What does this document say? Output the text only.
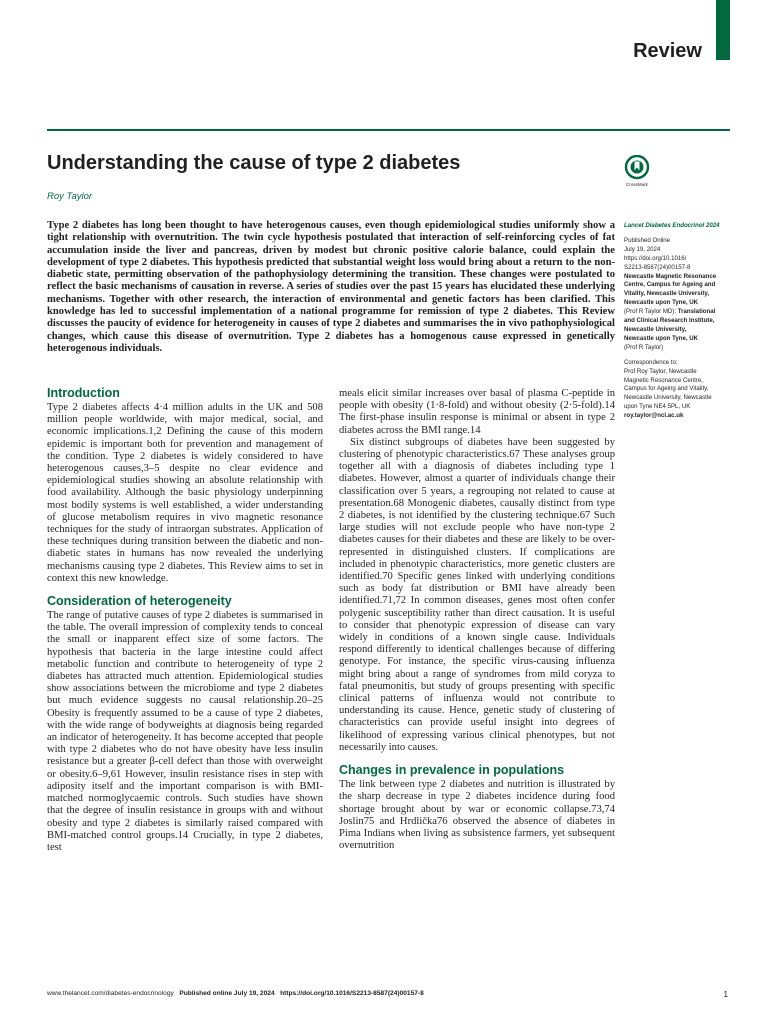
Review
Understanding the cause of type 2 diabetes
Roy Taylor
CrossMark

Type 2 diabetes has long been thought to have heterogenous causes, even though epidemiological studies uniformly show a tight relationship with overnutrition. The twin cycle hypothesis postulated that interaction of self-reinforcing cycles of fat accumulation inside the liver and pancreas, driven by modest but chronic positive calorie balance, could explain the development of type 2 diabetes. This hypothesis predicted that substantial weight loss would bring about a return to the non-diabetic state, permitting observation of the pathophysiology determining the transition. These changes were postulated to reflect the basic mechanisms of causation in reverse. A series of studies over the past 15 years has elucidated these underlying mechanisms. Together with other research, the interaction of environmental and genetic factors has been clarified. This knowledge has led to successful implementation of a national programme for remission of type 2 diabetes. This Review discusses the paucity of evidence for heterogeneity in causes of type 2 diabetes and summarises the in vivo pathophysiological changes, which cause this disease of overnutrition. Type 2 diabetes has a homogenous cause expressed in genetically heterogenous individuals.

Lancet Diabetes Endocrinol 2024
Published Online
July 19, 2024
https://doi.org/10.1016/
S2213-8587(24)00157-8
Newcastle Magnetic Resonance
Centre, Campus for Ageing and
Vitality, Newcastle University,
Newcastle upon Tyne, UK
(Prof R Taylor MD); Translational
and Clinical Research Institute,
Newcastle University,
Newcastle upon Tyne, UK
(Prof R Taylor)
Correspondence to:
Prof Roy Taylor, Newcastle
Magnetic Resonance Centre,
Campus for Ageing and Vitality,
Newcastle University, Newcastle
upon Tyne NE4 5PL, UK
roy.taylor@ncl.ac.uk
Introduction

Type 2 diabetes affects 4·4 million adults in the UK and 508 million people worldwide, with major medical, social, and economic implications.1,2 Defining the cause of this modern epidemic is important both for prevention and management of the condition. Type 2 diabetes is widely considered to have heterogenous causes,3–5 despite no clear evidence and epidemiological studies showing an absolute relationship with food availability. Although the basic physiology underpinning most bodily systems is well established, a wider understanding of glucose metabolism requires in vivo magnetic resonance techniques for the study of intraorgan substrates. Application of these techniques during transition between the diabetic and non-diabetic states in humans has now revealed the underlying mechanisms causing type 2 diabetes. This Review aims to set in context this new knowledge.

Consideration of heterogeneity

The range of putative causes of type 2 diabetes is summarised in the table. The overall impression of complexity tends to conceal the small or inapparent effect size of some factors. The hypothesis that bacteria in the large intestine could affect metabolic function and contribute to heterogeneity of type 2 diabetes has attracted much attention. Epidemiological studies show associations between the microbiome and type 2 diabetes but much evidence suggests no causal relationship.20–25 Obesity is frequently assumed to be a cause of type 2 diabetes, with the wide range of bodyweights at diagnosis being regarded an indicator of heterogeneity. It has become accepted that people with type 2 diabetes who do not have obesity have less insulin resistance but a greater β-cell defect than those with overweight or obesity.6–9,61 However, insulin resistance rises in step with adiposity itself and the important comparison is with BMI-matched normoglycaemic controls. Such studies have shown that the degree of insulin resistance in groups with and without obesity and type 2 diabetes is similarly raised compared with BMI-matched control groups.14 Crucially, in type 2 diabetes, test

meals elicit similar increases over basal of plasma C-peptide in people with obesity (1·8-fold) and without obesity (2·5-fold).14 The first-phase insulin response is minimal or absent in type 2 diabetes across the BMI range.14

Six distinct subgroups of diabetes have been suggested by clustering of phenotypic characteristics.67 These analyses group together all with a diagnosis of diabetes including type 1 diabetes. However, almost a quarter of individuals change their classification over 5 years, a regrouping not related to cause at presentation.68 Monogenic diabetes, causally distinct from type 2 diabetes, is not identified by the clustering technique.67 Such large studies will not exclude people who have non-type 2 diabetes causes for their diabetes and these are likely to be over-represented in distinguished clusters. If complications are included in phenotypic characteristics, more genetic clusters are identified.70 Specific genes linked with underlying conditions such as body fat distribution or BMI have already been identified.71,72 In common diseases, genes most often confer polygenic susceptibility rather than direct causation. It is useful to consider that phenotypic expression of disease can vary widely in conditions of a known single cause. Individuals respond differently to identical challenges because of differing genotype. For instance, the specific virus-causing influenza might bring about a range of syndromes from mild coryza to fatal pneumonitis, but study of groups presenting with specific clinical patterns of influenza would not contribute to understanding its cause. Hence, genetic study of clustering of characteristics can provide useful insight into degrees of likelihood of expressing various clinical phenotypes, but not necessarily into causes.

Changes in prevalence in populations

The link between type 2 diabetes and nutrition is illustrated by the sharp decrease in type 2 diabetes incidence during food shortage brought about by war or economic collapse.73,74 Joslin75 and Hrdlička76 observed the absence of diabetes in Pima Indians when living as subsistence farmers, yet subsequent overnutrition

www.thelancet.com/diabetes-endocrinology Published online July 19, 2024 https://doi.org/10.1016/S2213-8587(24)00157-8	1
